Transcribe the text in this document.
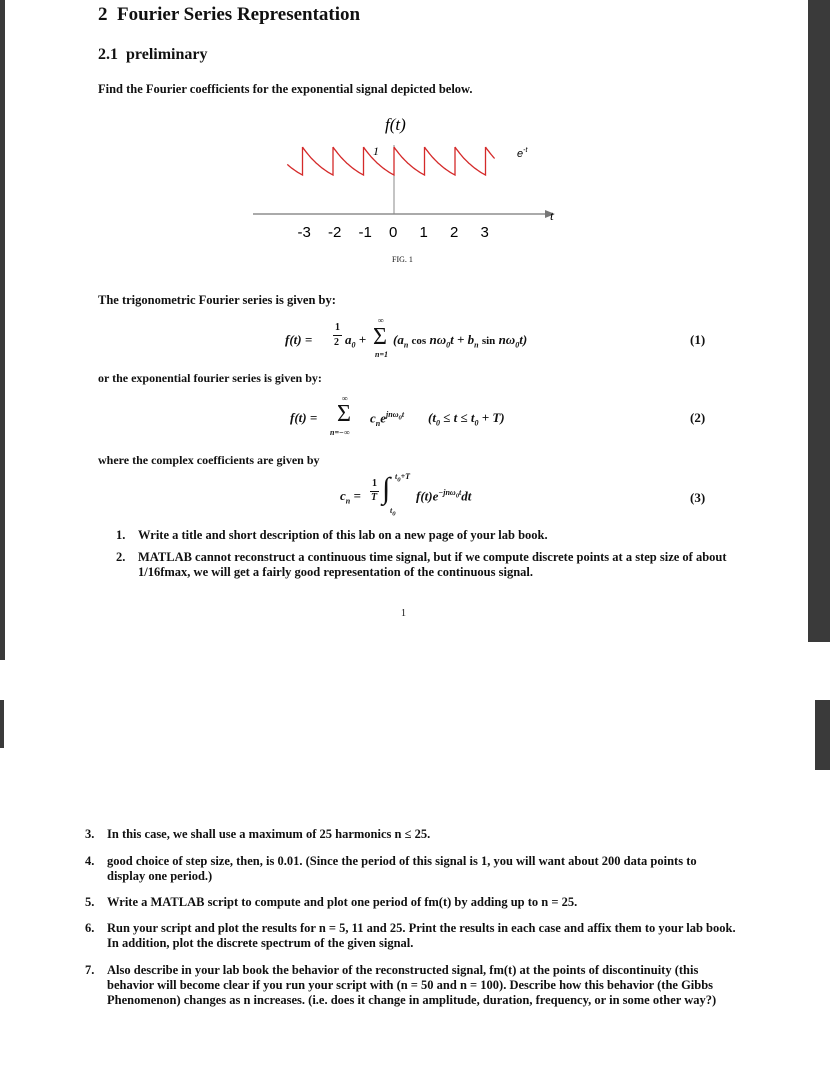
2 Fourier Series Representation
2.1 preliminary
Find the Fourier coefficients for the exponential signal depicted below.
f(t)
1	$e^{-t}$
t
-3 -2 -1 0 1 2 3
FIG. 1
The trigonometric Fourier series is given by:
f(t) =
1
2 $a_0$ +
∞
Σ
n=1
($a_n$ $\cos n\omega_0t + b_n$ $\sin n\omega_0t$)	(1)
or the exponential fourier series is given by:
f(t) =
∞
Σ
n=−∞
$c_ne^{jn\omega_0t}$ $(t_0 \le t \le t_0 + T)$	(2)
where the complex coefficients are given by
$c_n$ =
1
T ∫ $t_0+T$
$t_0$
$f(t)e^{-jn\omega_0t}dt$	(3)
1. Write a title and short description of this lab on a new page of your lab book.
2. MATLAB cannot reconstruct a continuous time signal, but if we compute discrete points at a step size of about 1/16fmax, we will get a fairly good representation of the continuous signal.
1
3. In this case, we shall use a maximum of 25 harmonics n ≤ 25.
4. good choice of step size, then, is 0.01. (Since the period of this signal is 1, you will want about 200 data points to display one period.)
5. Write a MATLAB script to compute and plot one period of fm(t) by adding up to n = 25.
6. Run your script and plot the results for n = 5, 11 and 25. Print the results in each case and affix them to your lab book. In addition, plot the discrete spectrum of the given signal.
7. Also describe in your lab book the behavior of the reconstructed signal, fm(t) at the points of discontinuity (this behavior will become clear if you run your script with (n = 50 and n = 100). Describe how this behavior (the Gibbs Phenomenon) changes as n increases. (i.e. does it change in amplitude, duration, frequency, or in some other way?)
